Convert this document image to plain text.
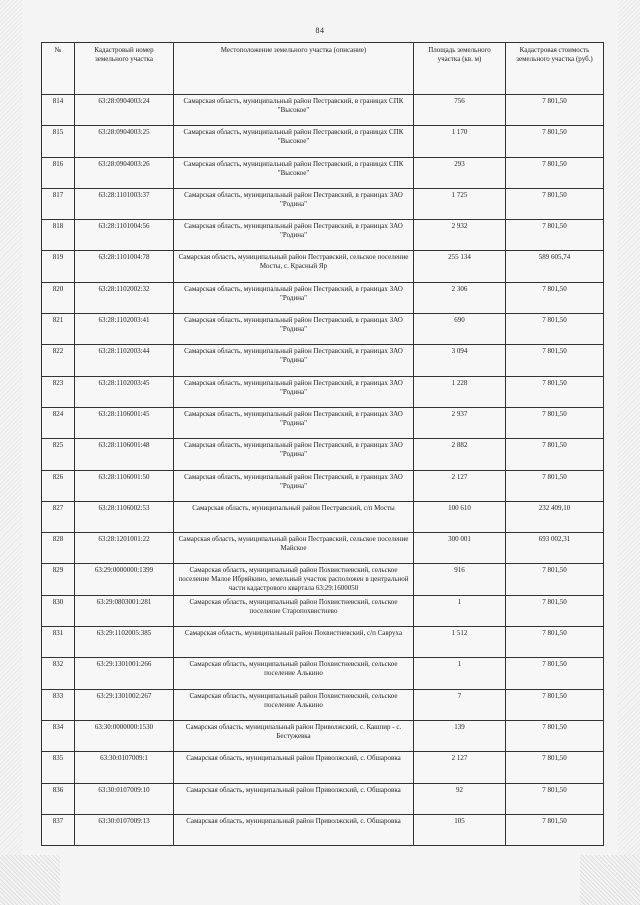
84
№	Кадастровый номер земельного участка	Местоположение земельного участка (описание)	Площадь земельного участка (кв. м)	Кадастровая стоимость земельного участка (руб.)
814	63:28:0904003:24	Самарская область, муниципальный район Пестравский, в границах СПК "Высокое"	756	7 801,50
815	63:28:0904003:25	Самарская область, муниципальный район Пестравский, в границах СПК "Высокое"	1 170	7 801,50
816	63:28:0904003:26	Самарская область, муниципальный район Пестравский, в границах СПК "Высокое"	293	7 801,50
817	63:28:1101003:37	Самарская область, муниципальный район Пестравский, в границах ЗАО "Родина"	1 725	7 801,50
818	63:28:1101004:56	Самарская область, муниципальный район Пестравский, в границах ЗАО "Родина"	2 932	7 801,50
819	63:28:1101004:78	Самарская область, муниципальный район Пестравский, сельское поселение Мосты, с. Красный Яр	255 134	589 605,74
820	63:28:1102002:32	Самарская область, муниципальный район Пестравский, в границах ЗАО "Родина"	2 306	7 801,50
821	63:28:1102003:41	Самарская область, муниципальный район Пестравский, в границах ЗАО "Родина"	690	7 801,50
822	63:28:1102003:44	Самарская область, муниципальный район Пестравский, в границах ЗАО "Родина"	3 094	7 801,50
823	63:28:1102003:45	Самарская область, муниципальный район Пестравский, в границах ЗАО "Родина"	1 228	7 801,50
824	63:28:1106001:45	Самарская область, муниципальный район Пестравский, в границах ЗАО "Родина"	2 937	7 801,50
825	63:28:1106001:48	Самарская область, муниципальный район Пестравский, в границах ЗАО "Родина"	2 882	7 801,50
826	63:28:1106001:50	Самарская область, муниципальный район Пестравский, в границах ЗАО "Родина"	2 127	7 801,50
827	63:28:1106002:53	Самарская область, муниципальный район Пестравский, с/п Мосты	100 610	232 409,10
828	63:28:1201001:22	Самарская область, муниципальный район Пестравский, сельское поселение Майское	300 001	693 002,31
829	63:29:0000000:1399	Самарская область, муниципальный район Похвистневский, сельское поселение Малое Ибряйкино, земельный участок расположен в центральной части кадастрового квартала 63:29:1600050	916	7 801,50
830	63:29:0803001:281	Самарская область, муниципальный район Похвистневский, сельское поселение Старопохвистнево	1	7 801,50
831	63:29:1102005:385	Самарская область, муниципальный район Похвистневский, с/п Савруха	1 512	7 801,50
832	63:29:1301001:266	Самарская область, муниципальный район Похвистневский, сельское поселение Алькино	1	7 801,50
833	63:29:1301002:267	Самарская область, муниципальный район Похвистневский, сельское поселение Алькино	7	7 801,50
834	63:30:0000000:1530	Самарская область, муниципальный район Приволжский, с. Кашпир - с. Бестужевка	139	7 801,50
835	63:30:0107009:1	Самарская область, муниципальный район Приволжский, с. Обшаровка	2 127	7 801,50
836	63:30:0107009:10	Самарская область, муниципальный район Приволжский, с. Обшаровка	92	7 801,50
837	63:30:0107009:13	Самарская область, муниципальный район Приволжский, с. Обшаровка	105	7 801,50
